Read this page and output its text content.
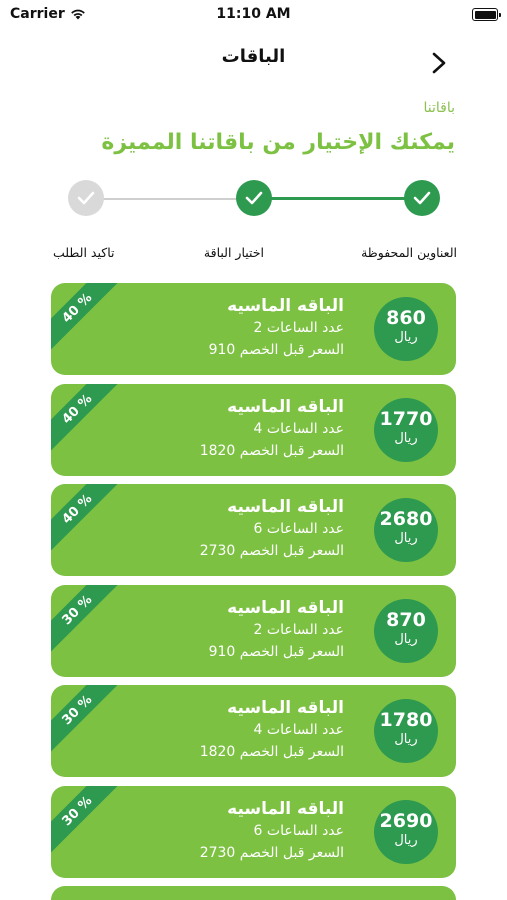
Carrier	11:10 AM
الباقات
باقاتنا
يمكنك الإختيار من باقاتنا المميزة
العناوين المحفوظة
اختيار الباقة
تاكيد الطلب
40 %	الباقه الماسيه
عدد الساعات 2
السعر قبل الخصم 910
860
ريال
40 %	الباقه الماسيه
عدد الساعات 4
السعر قبل الخصم 1820
1770
ريال
40 %	الباقه الماسيه
عدد الساعات 6
السعر قبل الخصم 2730
2680
ريال
30 %	الباقه الماسيه
عدد الساعات 2
السعر قبل الخصم 910
870
ريال
30 %	الباقه الماسيه
عدد الساعات 4
السعر قبل الخصم 1820
1780
ريال
30 %	الباقه الماسيه
عدد الساعات 6
السعر قبل الخصم 2730
2690
ريال
